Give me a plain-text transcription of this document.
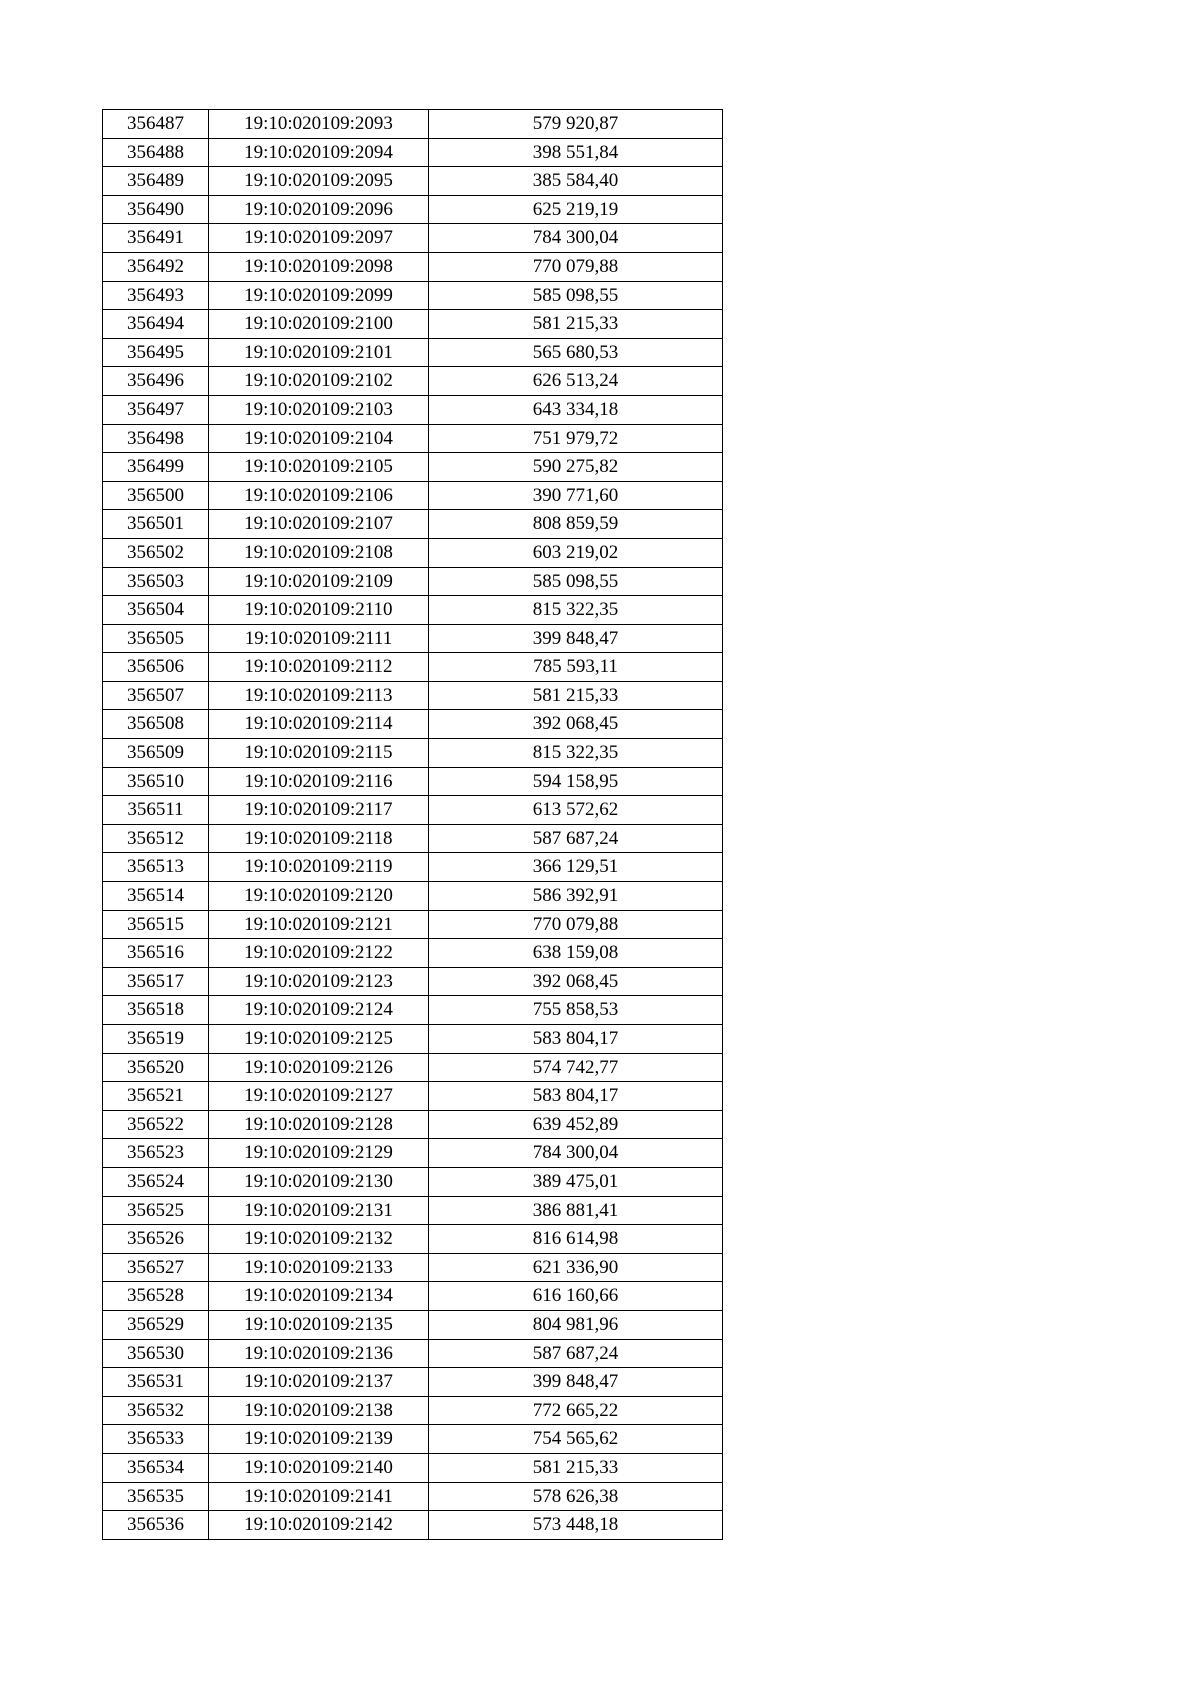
356487	19:10:020109:2093	579 920,87
356488	19:10:020109:2094	398 551,84
356489	19:10:020109:2095	385 584,40
356490	19:10:020109:2096	625 219,19
356491	19:10:020109:2097	784 300,04
356492	19:10:020109:2098	770 079,88
356493	19:10:020109:2099	585 098,55
356494	19:10:020109:2100	581 215,33
356495	19:10:020109:2101	565 680,53
356496	19:10:020109:2102	626 513,24
356497	19:10:020109:2103	643 334,18
356498	19:10:020109:2104	751 979,72
356499	19:10:020109:2105	590 275,82
356500	19:10:020109:2106	390 771,60
356501	19:10:020109:2107	808 859,59
356502	19:10:020109:2108	603 219,02
356503	19:10:020109:2109	585 098,55
356504	19:10:020109:2110	815 322,35
356505	19:10:020109:2111	399 848,47
356506	19:10:020109:2112	785 593,11
356507	19:10:020109:2113	581 215,33
356508	19:10:020109:2114	392 068,45
356509	19:10:020109:2115	815 322,35
356510	19:10:020109:2116	594 158,95
356511	19:10:020109:2117	613 572,62
356512	19:10:020109:2118	587 687,24
356513	19:10:020109:2119	366 129,51
356514	19:10:020109:2120	586 392,91
356515	19:10:020109:2121	770 079,88
356516	19:10:020109:2122	638 159,08
356517	19:10:020109:2123	392 068,45
356518	19:10:020109:2124	755 858,53
356519	19:10:020109:2125	583 804,17
356520	19:10:020109:2126	574 742,77
356521	19:10:020109:2127	583 804,17
356522	19:10:020109:2128	639 452,89
356523	19:10:020109:2129	784 300,04
356524	19:10:020109:2130	389 475,01
356525	19:10:020109:2131	386 881,41
356526	19:10:020109:2132	816 614,98
356527	19:10:020109:2133	621 336,90
356528	19:10:020109:2134	616 160,66
356529	19:10:020109:2135	804 981,96
356530	19:10:020109:2136	587 687,24
356531	19:10:020109:2137	399 848,47
356532	19:10:020109:2138	772 665,22
356533	19:10:020109:2139	754 565,62
356534	19:10:020109:2140	581 215,33
356535	19:10:020109:2141	578 626,38
356536	19:10:020109:2142	573 448,18
